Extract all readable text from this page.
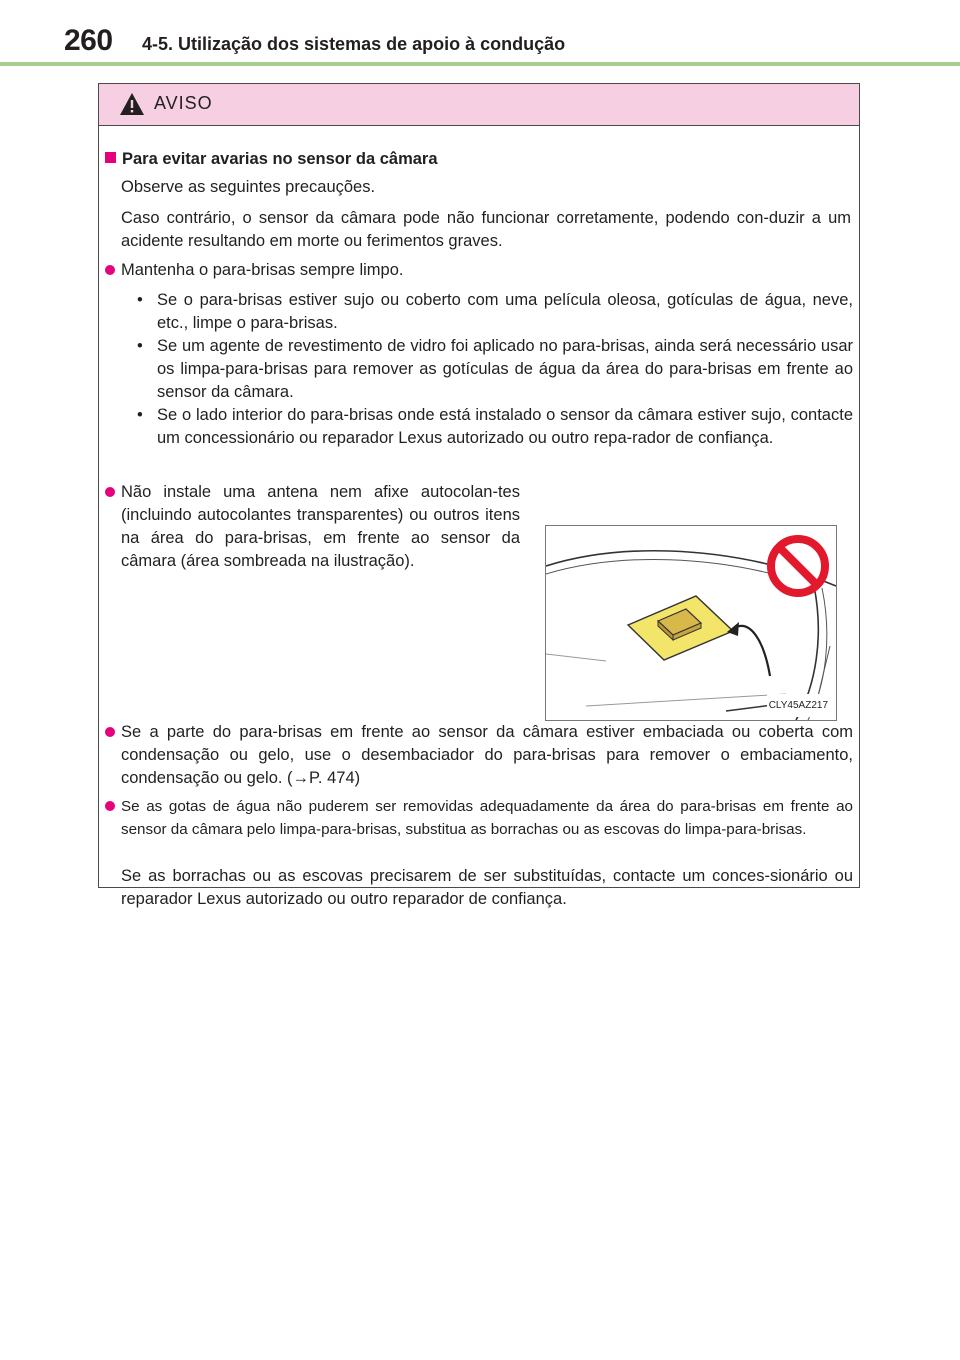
260 4-5. Utilização dos sistemas de apoio à condução
AVISO
Para evitar avarias no sensor da câmara
Observe as seguintes precauções.
Caso contrário, o sensor da câmara pode não funcionar corretamente, podendo con-duzir a um acidente resultando em morte ou ferimentos graves.
Mantenha o para-brisas sempre limpo.
• Se o para-brisas estiver sujo ou coberto com uma película oleosa, gotículas de água, neve, etc., limpe o para-brisas.
• Se um agente de revestimento de vidro foi aplicado no para-brisas, ainda será necessário usar os limpa-para-brisas para remover as gotículas de água da área do para-brisas em frente ao sensor da câmara.
• Se o lado interior do para-brisas onde está instalado o sensor da câmara estiver sujo, contacte um concessionário ou reparador Lexus autorizado ou outro repa-rador de confiança.
Não instale uma antena nem afixe autocolan-tes (incluindo autocolantes transparentes) ou outros itens na área do para-brisas, em frente ao sensor da câmara (área sombreada na ilustração).
CLY45AZ217
Se a parte do para-brisas em frente ao sensor da câmara estiver embaciada ou coberta com condensação ou gelo, use o desembaciador do para-brisas para remover o embaciamento, condensação ou gelo. (→P. 474)
Se as gotas de água não puderem ser removidas adequadamente da área do para-brisas em frente ao sensor da câmara pelo limpa-para-brisas, substitua as borrachas ou as escovas do limpa-para-brisas.
Se as borrachas ou as escovas precisarem de ser substituídas, contacte um conces-sionário ou reparador Lexus autorizado ou outro reparador de confiança.
